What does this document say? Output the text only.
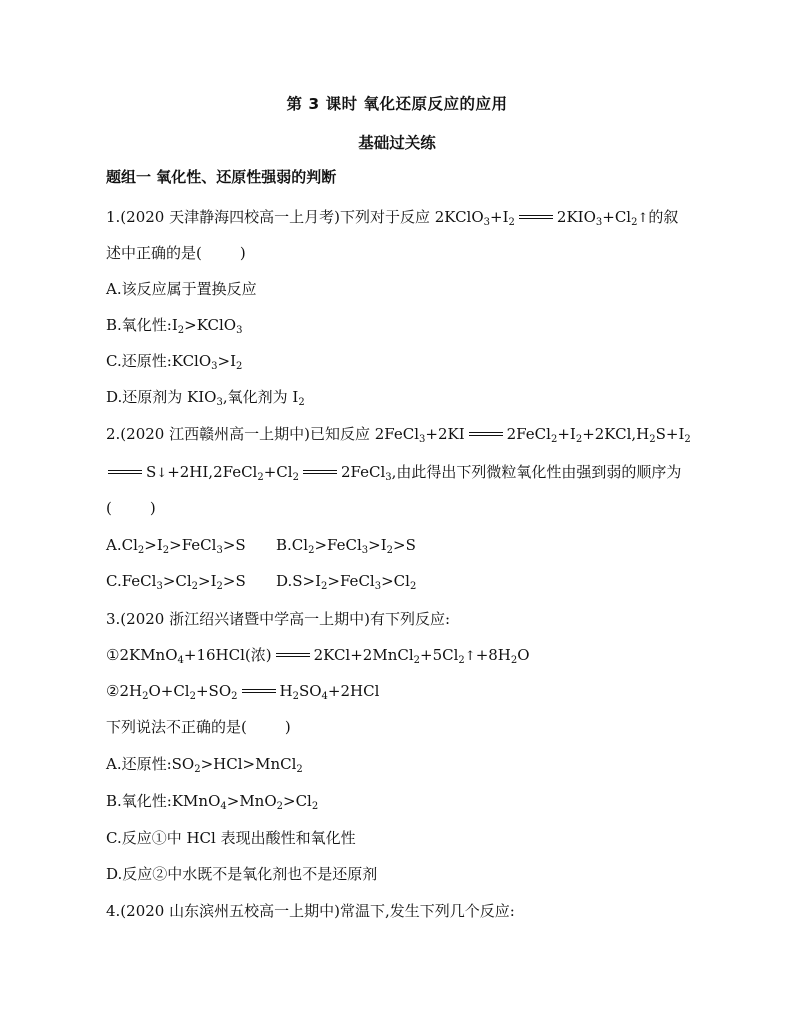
第 3 课时 氧化还原反应的应用
基础过关练
题组一 氧化性、还原性强弱的判断
1.(2020 天津静海四校高一上月考)下列对于反应 $2KClO_3+I_2$	$2KIO_3+Cl_2↑$的叙
述中正确的是(	)
A.该反应属于置换反应
B.氧化性$:I_2>KClO_3$
C.还原性$:KClO_3>I_2$
D.还原剂为 $KIO_3$,氧化剂为 $I_2$
2.(2020 江西赣州高一上期中)已知反应 2FeCl$_3$+2KI	$2FeCl_2+I_2+2KCl,H_2S+I_2$
$S↓+2HI,2FeCl_2+Cl_2$	2FeCl$_3$,由此得出下列微粒氧化性由强到弱的顺序为
(	)
$A.Cl_2>I_2>FeCl_3>S$ $B.Cl_2>FeCl_3>I_2>S$
$C.FeCl_3>Cl_2>I_2>S$ $D.S>I_2>FeCl_3>Cl_2$
3.(2020 浙江绍兴诸暨中学高一上期中)有下列反应:
①2KMnO$_4$+16HCl(浓)	$2KCl+2MnCl_2+5Cl_2↑+8H_2O$
$②2H_2O+Cl_2+SO_2$	$H_2SO_4+2HCl$
下列说法不正确的是(	)
A.还原性$:SO_2>HCl>MnCl_2$
B.氧化性$:KMnO_4>MnO_2>Cl_2$
C.反应①中 HCl 表现出酸性和氧化性
D.反应②中水既不是氧化剂也不是还原剂
4.(2020 山东滨州五校高一上期中)常温下,发生下列几个反应:
